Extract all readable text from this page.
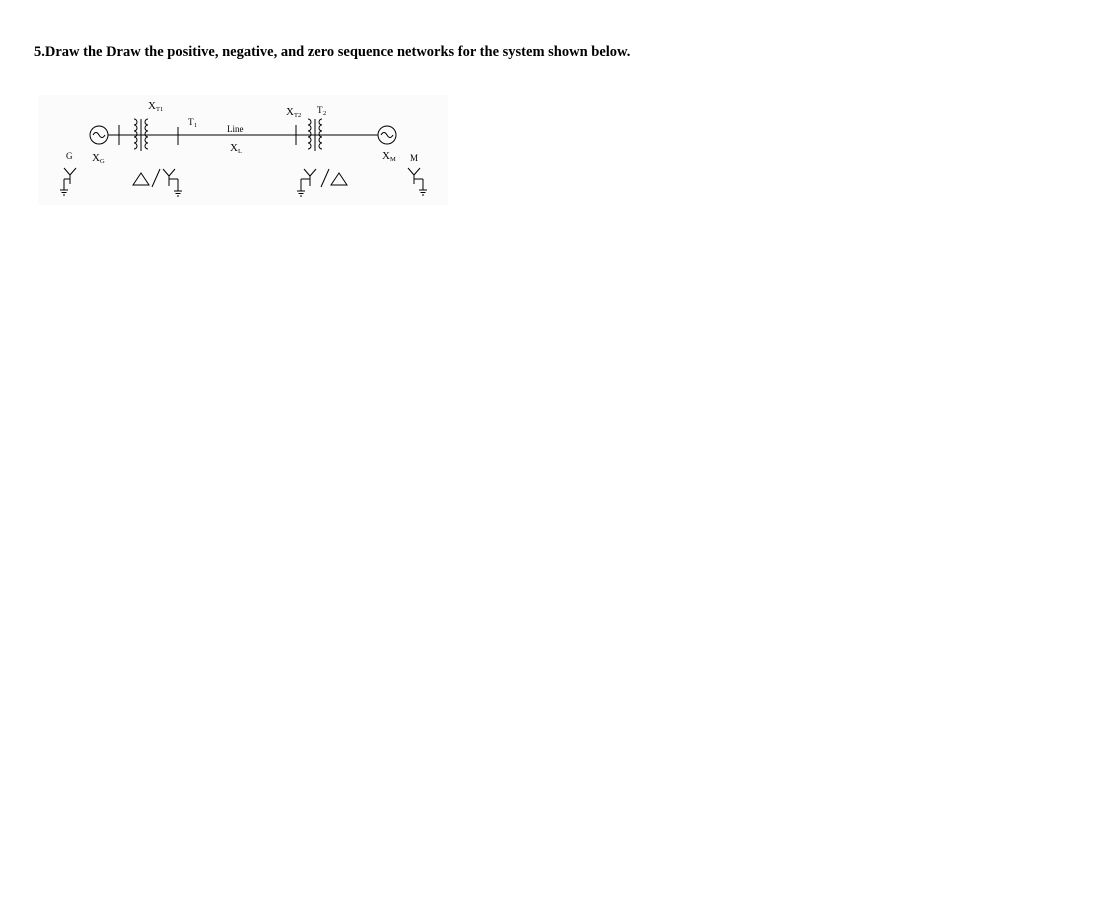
5.Draw the Draw the positive, negative, and zero sequence networks for the system shown below.

G X G
X T1
T 1	Line
X L
X T2
T 2
X M M
